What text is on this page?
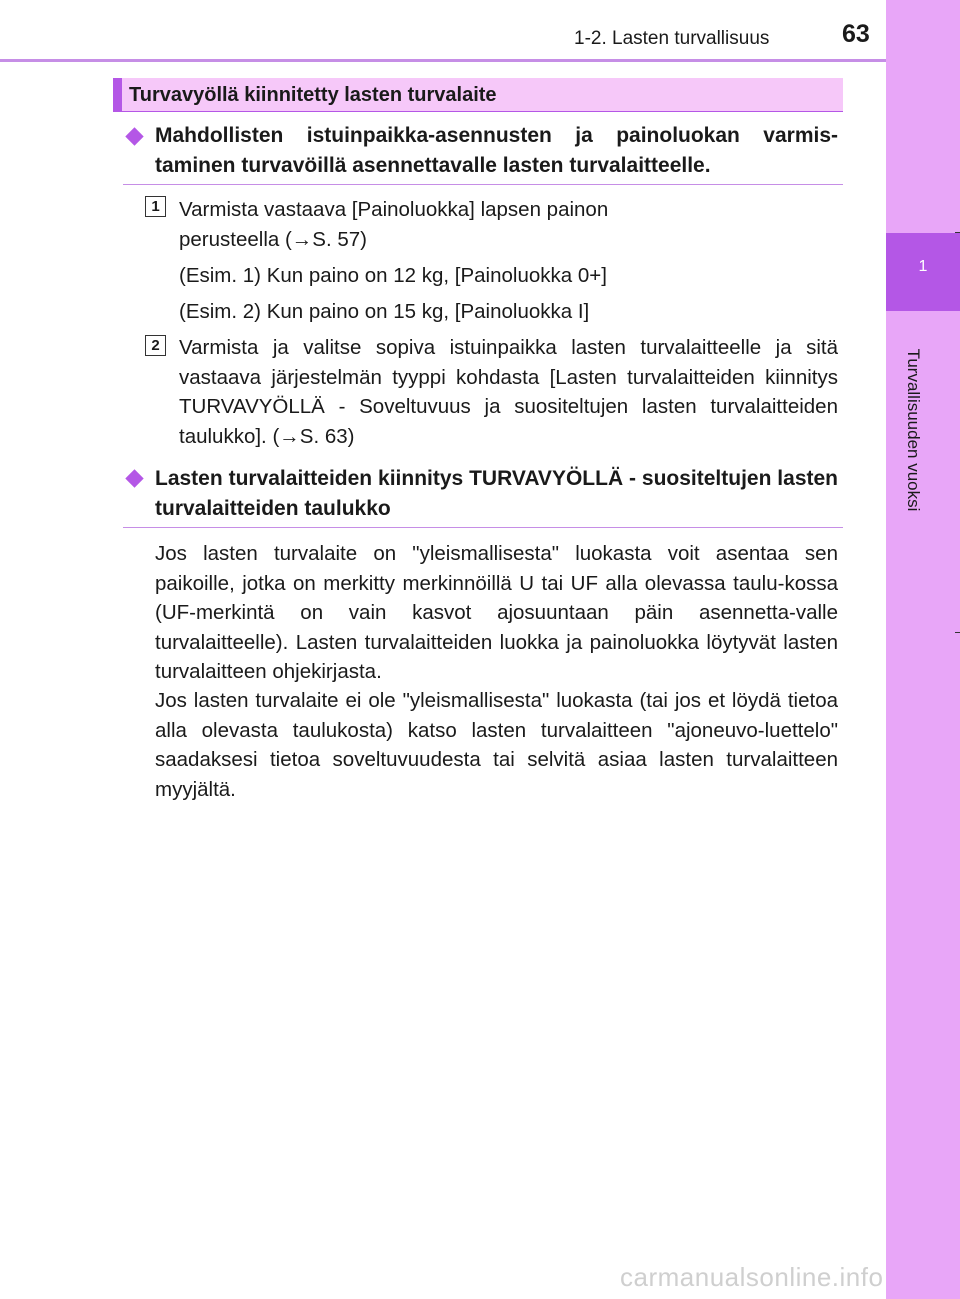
1-2. Lasten turvallisuus	63
1
Turvallisuuden vuoksi
Turvavyöllä kiinnitetty lasten turvalaite
Mahdollisten istuinpaikka-asennusten ja painoluokan varmis-taminen turvavöillä asennettavalle lasten turvalaitteelle.
1 Varmista vastaava [Painoluokka] lapsen painon perusteella (→S. 57)
(Esim. 1) Kun paino on 12 kg, [Painoluokka 0+]
(Esim. 2) Kun paino on 15 kg, [Painoluokka I]
2 Varmista ja valitse sopiva istuinpaikka lasten turvalaitteelle ja sitä vastaava järjestelmän tyyppi kohdasta [Lasten turvalaitteiden kiinnitys TURVAVYÖLLÄ - Soveltuvuus ja suositeltujen lasten turvalaitteiden taulukko]. (→S. 63)
Lasten turvalaitteiden kiinnitys TURVAVYÖLLÄ - suositeltujen lasten turvalaitteiden taulukko
Jos lasten turvalaite on "yleismallisesta" luokasta voit asentaa sen paikoille, jotka on merkitty merkinnöillä U tai UF alla olevassa taulu-kossa (UF-merkintä on vain kasvot ajosuuntaan päin asennetta-valle turvalaitteelle). Lasten turvalaitteiden luokka ja painoluokka löytyvät lasten turvalaitteen ohjekirjasta.
Jos lasten turvalaite ei ole "yleismallisesta" luokasta (tai jos et löydä tietoa alla olevasta taulukosta) katso lasten turvalaitteen "ajoneuvo-luettelo" saadaksesi tietoa soveltuvuudesta tai selvitä asiaa lasten turvalaitteen myyjältä.
carmanualsonline.info
